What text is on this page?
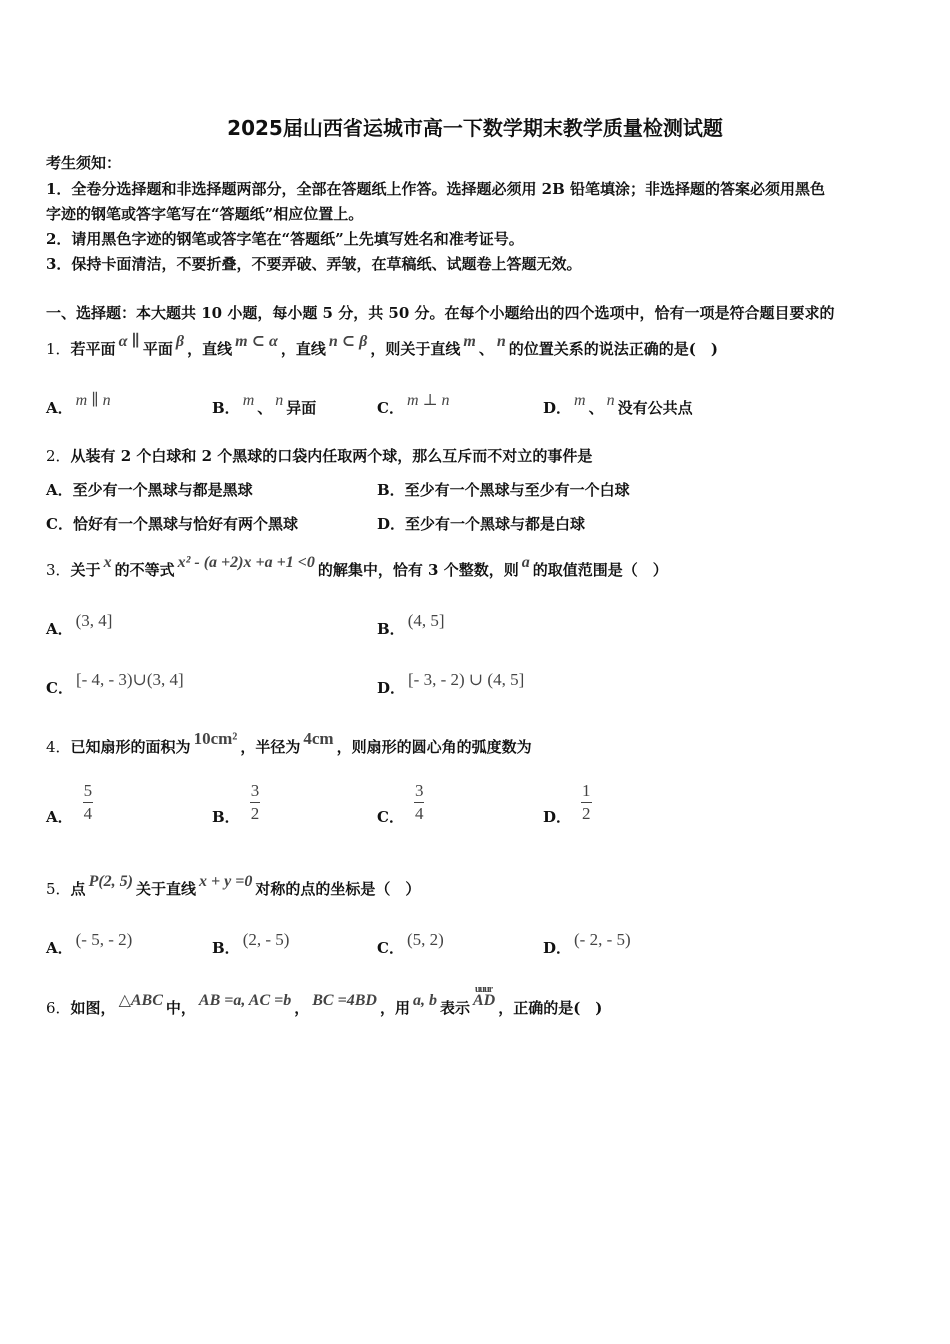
2025届山西省运城市高一下数学期末教学质量检测试题
考生须知：
1．全卷分选择题和非选择题两部分，全部在答题纸上作答。选择题必须用 2B 铅笔填涂；非选择题的答案必须用黑色
字迹的钢笔或答字笔写在“答题纸”相应位置上。
2．请用黑色字迹的钢笔或答字笔在“答题纸”上先填写姓名和准考证号。
3．保持卡面清洁，不要折叠，不要弄破、弄皱，在草稿纸、试题卷上答题无效。
一、选择题：本大题共 10 小题，每小题 5 分，共 50 分。在每个小题给出的四个选项中，恰有一项是符合题目要求的
1．若平面 α ∥ 平面 β ，直线 m ⊂ α ，直线 n ⊂ β ，则关于直线 m 、 n 的位置关系的说法正确的是(　)
A． m ∥ n	B． m 、 n 异面	C． m ⊥ n	D． m 、 n 没有公共点
2．从装有 2 个白球和 2 个黑球的口袋内任取两个球，那么互斥而不对立的事件是
A．至少有一个黑球与都是黑球	B．至少有一个黑球与至少有一个白球
C．恰好有一个黑球与恰好有两个黑球	D．至少有一个黑球与都是白球
3．关于 x 的不等式 x² - (a +2)x +a +1 <0 的解集中，恰有 3 个整数，则 a 的取值范围是（　）
A． (3, 4]	B． (4, 5]
C． [- 4, - 3)∪(3, 4]	D． [- 3, - 2) ∪ (4, 5]
4．已知扇形的面积为 10cm² ，半径为 4cm ，则扇形的圆心角的弧度数为
A． $\frac{5}{4}$	B． $\frac{3}{2}$	C． $\frac{3}{4}$	D． $\frac{1}{2}$
5．点 P(2, 5) 关于直线 x + y =0 对称的点的坐标是（　）
A． (- 5, - 2)	B． (2, - 5)	C． (5, 2)	D． (- 2, - 5)
6．如图， △ABC 中， AB =a, AC =b ， BC =4BD ，用 a, b 表示
uuur
AD ，正确的是(　)
